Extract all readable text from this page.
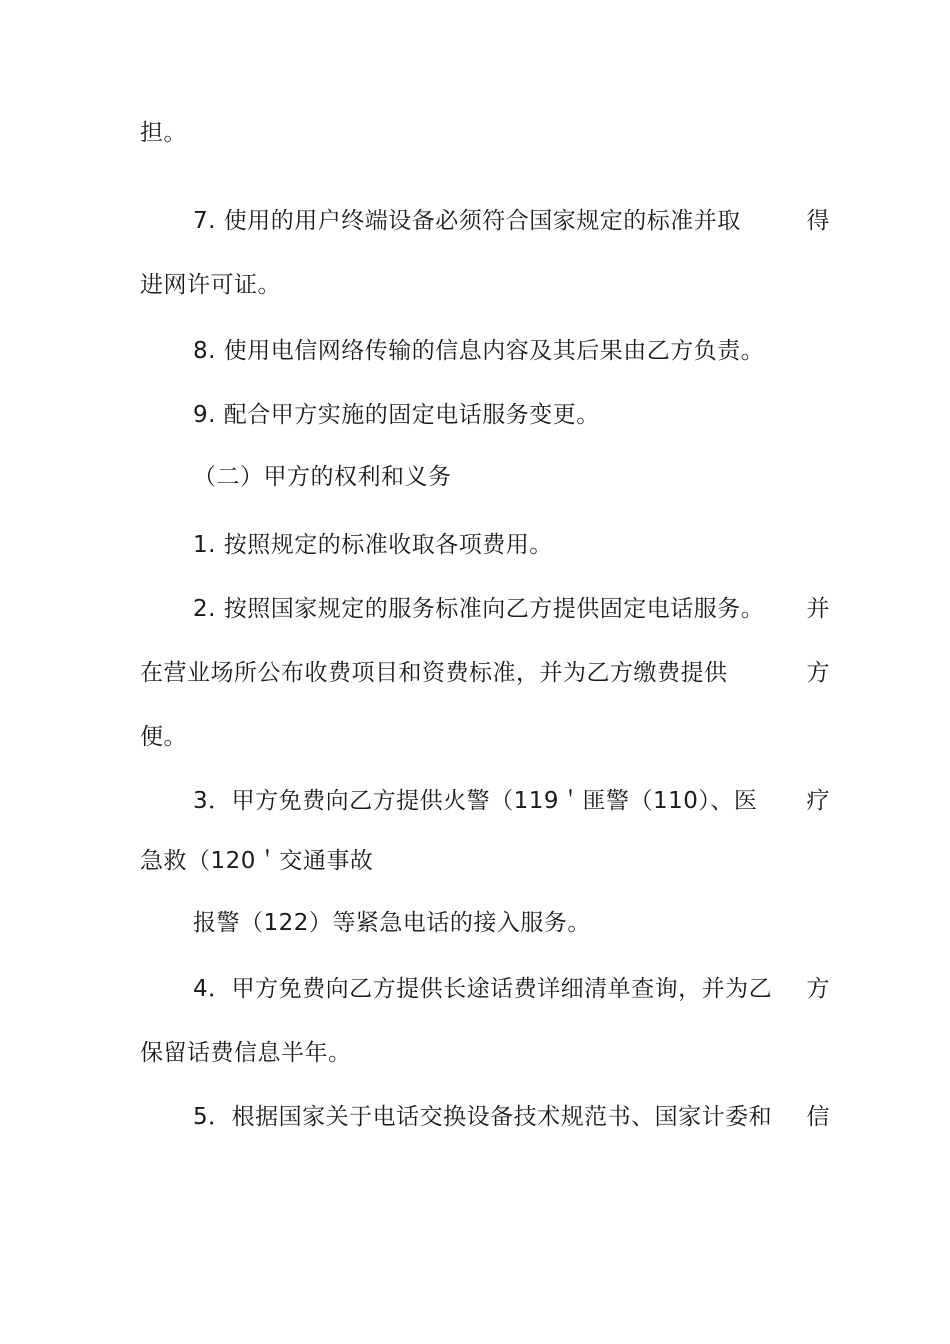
担。
7. 使用的用户终端设备必须符合国家规定的标准并取	得
进网许可证。
8. 使用电信网络传输的信息内容及其后果由乙方负责。
9. 配合甲方实施的固定电话服务变更。
（二）甲方的权利和义务
1. 按照规定的标准收取各项费用。
2. 按照国家规定的服务标准向乙方提供固定电话服务。 并
在营业场所公布收费项目和资费标准，并为乙方缴费提供	方
便。
3．甲方免费向乙方提供火警（119＇匪警（110）、医 疗
急救（120＇交通事故
报警（122）等紧急电话的接入服务。
4．甲方免费向乙方提供长途话费详细清单查询，并为乙 方
保留话费信息半年。
5．根据国家关于电话交换设备技术规范书、国家计委和 信
